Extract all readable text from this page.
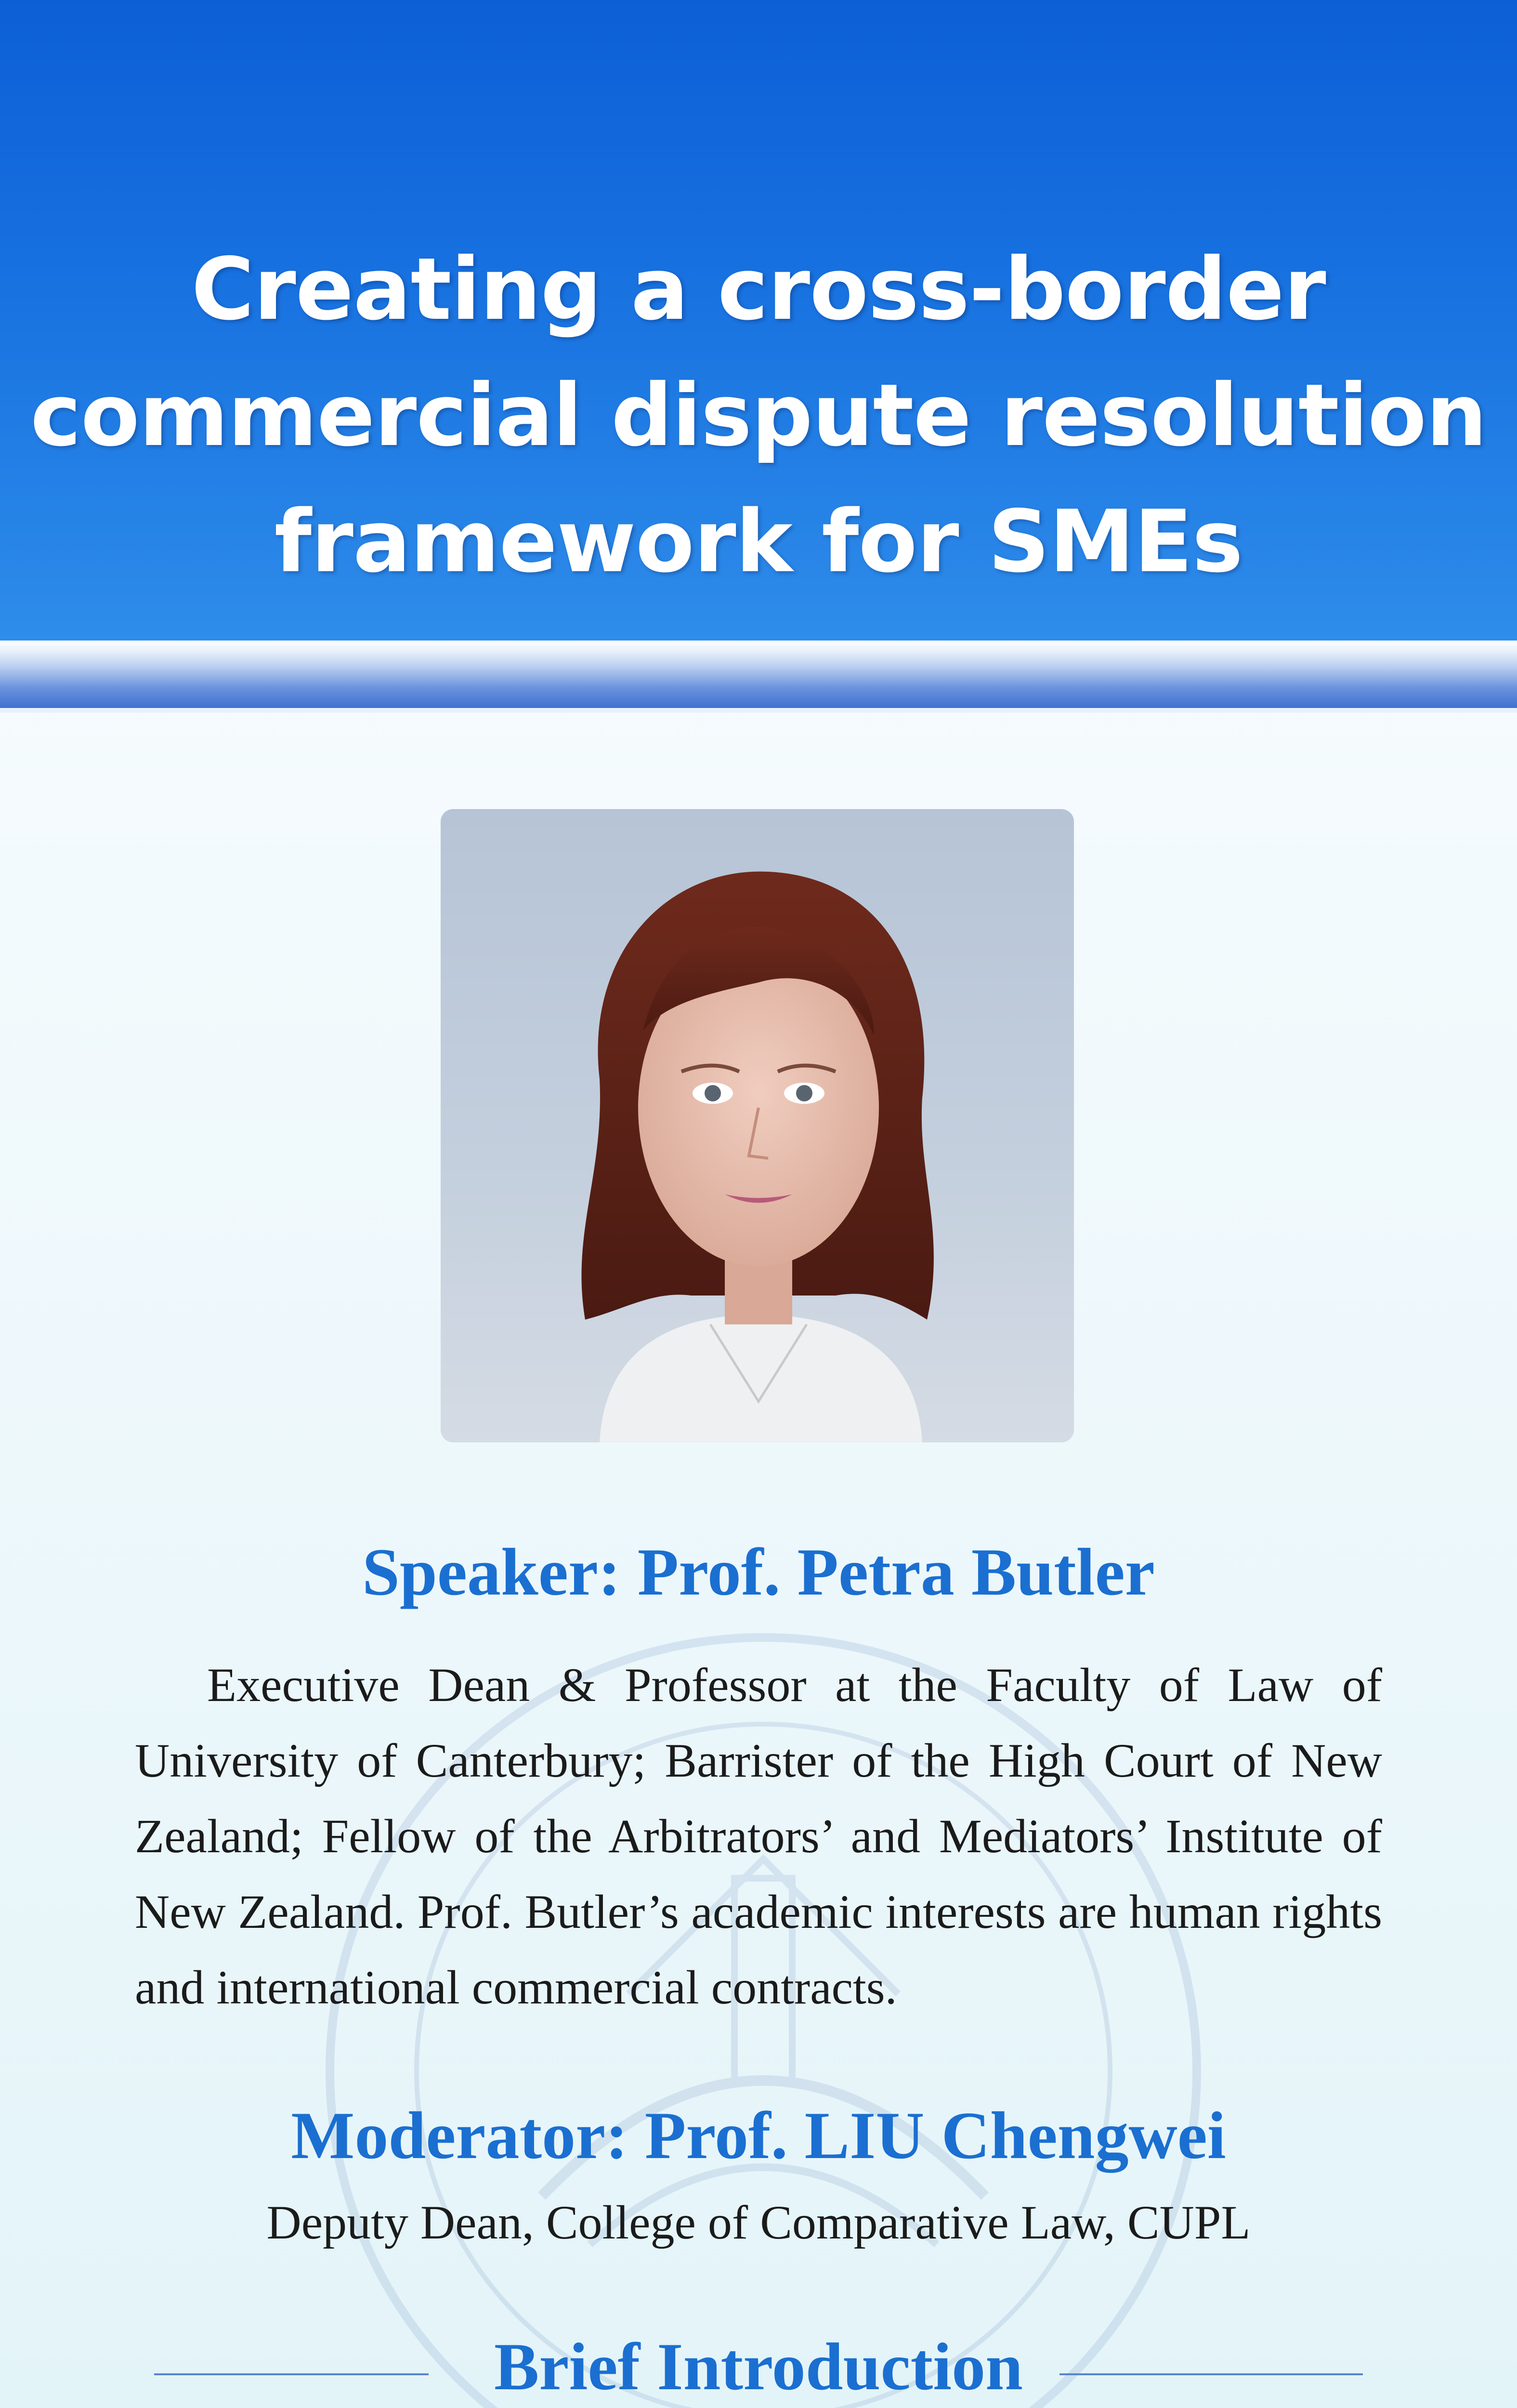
Creating a cross-border
commercial dispute resolution
framework for SMEs
Speaker: Prof. Petra Butler

Executive Dean & Professor at the Faculty of Law of University of Canterbury; Barrister of the High Court of New Zealand; Fellow of the Arbitrators’ and Mediators’ Institute of New Zealand. Prof. Butler’s academic interests are human rights and international commercial contracts.

Moderator: Prof. LIU Chengwei
Deputy Dean, College of Comparative Law, CUPL
Brief Introduction
